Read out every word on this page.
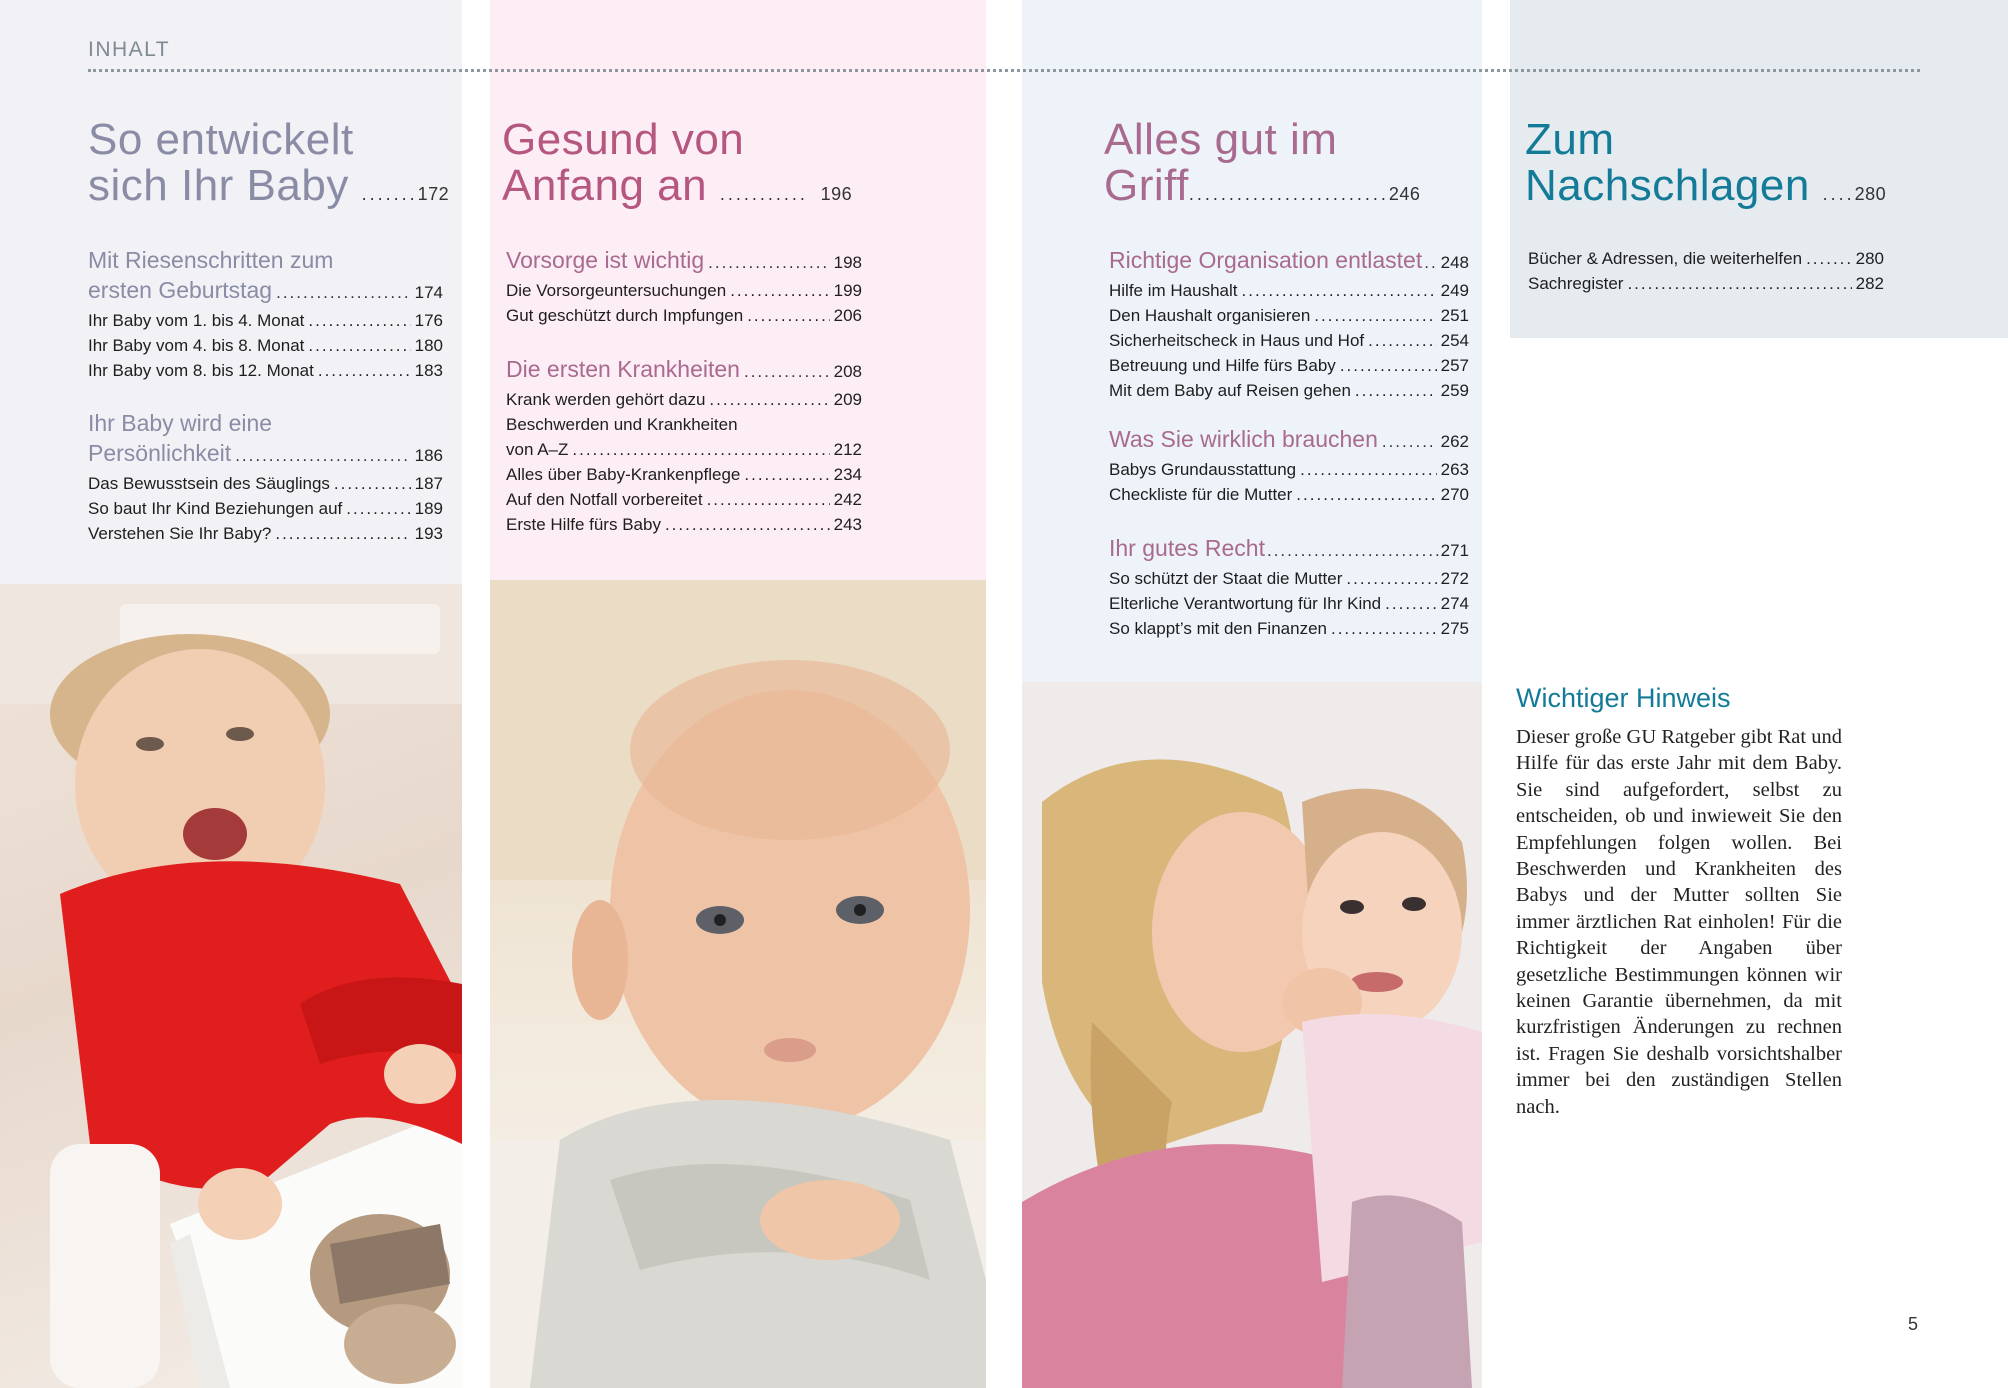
INHALT
So entwickelt
sich Ihr Baby .......172
Mit Riesenschritten zum
ersten Geburtstag .....	174
Ihr Baby vom 1. bis 4. Monat .....	176
Ihr Baby vom 4. bis 8. Monat .....	180
Ihr Baby vom 8. bis 12. Monat .....	183
Ihr Baby wird eine
Persönlichkeit .....	186
Das Bewusstsein des Säuglings .....	187
So baut Ihr Kind Beziehungen auf .....	189
Verstehen Sie Ihr Baby? .....	193
Gesund von
Anfang an ........... 196
Vorsorge ist wichtig .....	198
Die Vorsorgeuntersuchungen .....	199
Gut geschützt durch Impfungen .....	206
Die ersten Krankheiten .....	208
Krank werden gehört dazu .....	209
Beschwerden und Krankheiten
von A–Z .....	212
Alles über Baby-Krankenpflege .....	234
Auf den Notfall vorbereitet .....	242
Erste Hilfe fürs Baby .....	243
Alles gut im
Griff.........................246
Richtige Organisation entlastet ..... 248
Hilfe im Haushalt .....	249
Den Haushalt organisieren .....	251
Sicherheitscheck in Haus und Hof .....	254
Betreuung und Hilfe fürs Baby .....	257
Mit dem Baby auf Reisen gehen .....	259
Was Sie wirklich brauchen .....	262
Babys Grundausstattung .....	263
Checkliste für die Mutter .....	270
Ihr gutes Recht .....	271
So schützt der Staat die Mutter .....	272
Elterliche Verantwortung für Ihr Kind .....	274
So klappt’s mit den Finanzen .....	275
Zum
Nachschlagen ....280
Bücher & Adressen, die weiterhelfen .....	280
Sachregister .....	282
Wichtiger Hinweis
Dieser große GU Ratgeber gibt Rat und Hilfe für das erste Jahr mit dem Baby. Sie sind aufgefordert, selbst zu entscheiden, ob und inwieweit Sie den Empfehlungen folgen wollen. Bei Beschwerden und Krankheiten des Babys und der Mutter sollten Sie immer ärztlichen Rat einholen! Für die Richtigkeit der Angaben über gesetzliche Bestimmungen können wir keinen Garantie übernehmen, da mit kurzfristigen Änderungen zu rechnen ist. Fragen Sie deshalb vorsichtshalber immer bei den zuständigen Stellen nach.
5
